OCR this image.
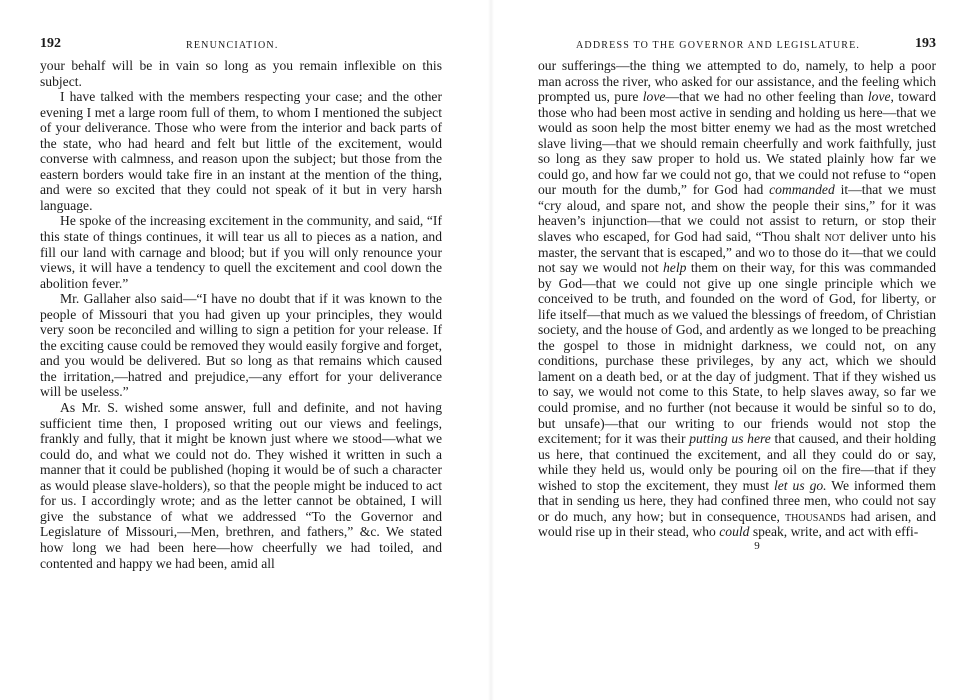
192	RENUNCIATION.

your behalf will be in vain so long as you remain inflexible on this subject.

I have talked with the members respecting your case; and the other evening I met a large room full of them, to whom I mentioned the subject of your deliverance. Those who were from the interior and back parts of the state, who had heard and felt but little of the excitement, would converse with calmness, and reason upon the subject; but those from the eastern borders would take fire in an instant at the mention of the thing, and were so excited that they could not speak of it but in very harsh language.

He spoke of the increasing excitement in the community, and said, “If this state of things continues, it will tear us all to pieces as a nation, and fill our land with carnage and blood; but if you will only renounce your views, it will have a tendency to quell the excitement and cool down the abolition fever.”

Mr. Gallaher also said—“I have no doubt that if it was known to the people of Missouri that you had given up your principles, they would very soon be reconciled and willing to sign a petition for your release. If the exciting cause could be removed they would easily forgive and forget, and you would be delivered. But so long as that remains which caused the irritation,—hatred and prejudice,—any effort for your deliverance will be useless.”

As Mr. S. wished some answer, full and definite, and not having sufficient time then, I proposed writing out our views and feelings, frankly and fully, that it might be known just where we stood—what we could do, and what we could not do. They wished it written in such a manner that it could be published (hoping it would be of such a character as would please slave-holders), so that the people might be induced to act for us. I accordingly wrote; and as the letter cannot be obtained, I will give the substance of what we addressed “To the Governor and Legislature of Missouri,—Men, brethren, and fathers,” &c. We stated how long we had been here—how cheerfully we had toiled, and contented and happy we had been, amid all

ADDRESS TO THE GOVERNOR AND LEGISLATURE.	193

our sufferings—the thing we attempted to do, namely, to help a poor man across the river, who asked for our assistance, and the feeling which prompted us, pure love—that we had no other feeling than love, toward those who had been most active in sending and holding us here—that we would as soon help the most bitter enemy we had as the most wretched slave living—that we should remain cheerfully and work faithfully, just so long as they saw proper to hold us. We stated plainly how far we could go, and how far we could not go, that we could not refuse to “open our mouth for the dumb,” for God had commanded it—that we must “cry aloud, and spare not, and show the people their sins,” for it was heaven’s injunction—that we could not assist to return, or stop their slaves who escaped, for God had said, “Thou shalt not deliver unto his master, the servant that is escaped,” and wo to those do it—that we could not say we would not help them on their way, for this was commanded by God—that we could not give up one single principle which we conceived to be truth, and founded on the word of God, for liberty, or life itself—that much as we valued the blessings of freedom, of Christian society, and the house of God, and ardently as we longed to be preaching the gospel to those in midnight darkness, we could not, on any conditions, purchase these privileges, by any act, which we should lament on a death bed, or at the day of judgment. That if they wished us to say, we would not come to this State, to help slaves away, so far we could promise, and no further (not because it would be sinful so to do, but unsafe)—that our writing to our friends would not stop the excitement; for it was their putting us here that caused, and their holding us here, that continued the excitement, and all they could do or say, while they held us, would only be pouring oil on the fire—that if they wished to stop the excitement, they must let us go. We informed them that in sending us here, they had confined three men, who could not say or do much, any how; but in consequence, thousands had arisen, and would rise up in their stead, who could speak, write, and act with effi-

9
